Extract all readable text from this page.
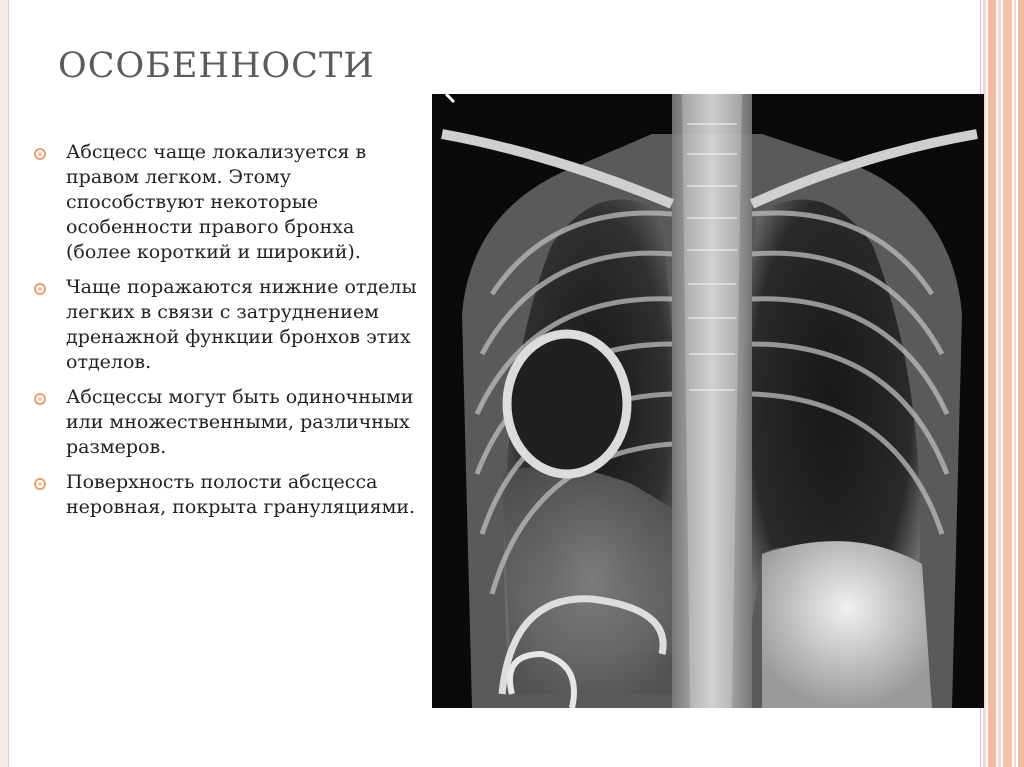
ОСОБЕННОСТИ
Абсцесс чаще локализуется в правом легком. Этому способствуют некоторые особенности правого бронха (более короткий и широкий).
Чаще поражаются нижние отделы легких в связи с затруднением дренажной функции бронхов этих отделов.
Абсцессы могут быть одиночными или множественными, различных размеров.
Поверхность полости абсцесса неровная, покрыта грануляциями.
